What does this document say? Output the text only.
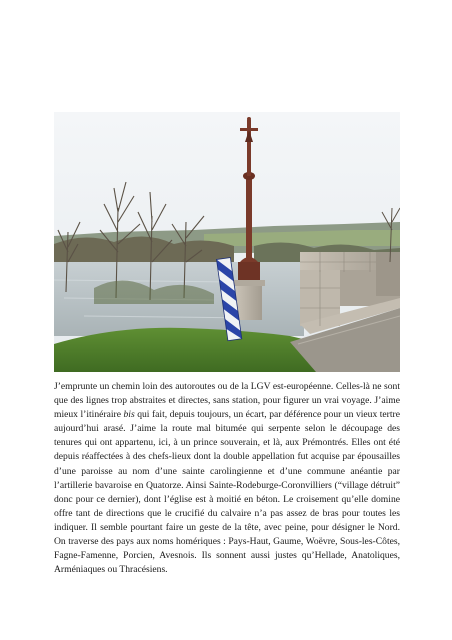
J’emprunte un chemin loin des autoroutes ou de la LGV est-européenne. Celles-là ne sont que des lignes trop abstraites et directes, sans station, pour figurer un vrai voyage. J’aime mieux l’itinéraire bis qui fait, depuis toujours, un écart, par déférence pour un vieux tertre aujourd’hui arasé. J’aime la route mal bitumée qui serpente selon le découpage des tenures qui ont appartenu, ici, à un prince souverain, et là, aux Prémontrés. Elles ont été depuis réaffectées à des chefs-lieux dont la double appellation fut acquise par épousailles d’une paroisse au nom d’une sainte carolingienne et d’une commune anéantie par l’artillerie bavaroise en Quatorze. Ainsi Sainte-Rodeburge-Coronvilliers (“village détruit” donc pour ce dernier), dont l’église est à moitié en béton. Le croisement qu’elle domine offre tant de directions que le crucifié du calvaire n’a pas assez de bras pour toutes les indiquer. Il semble pourtant faire un geste de la tête, avec peine, pour désigner le Nord. On traverse des pays aux noms homériques : Pays-Haut, Gaume, Woëvre, Sous-les-Côtes, Fagne-Famenne, Porcien, Avesnois. Ils sonnent aussi justes qu’Hellade, Anatoliques, Arméniaques ou Thracésiens.
